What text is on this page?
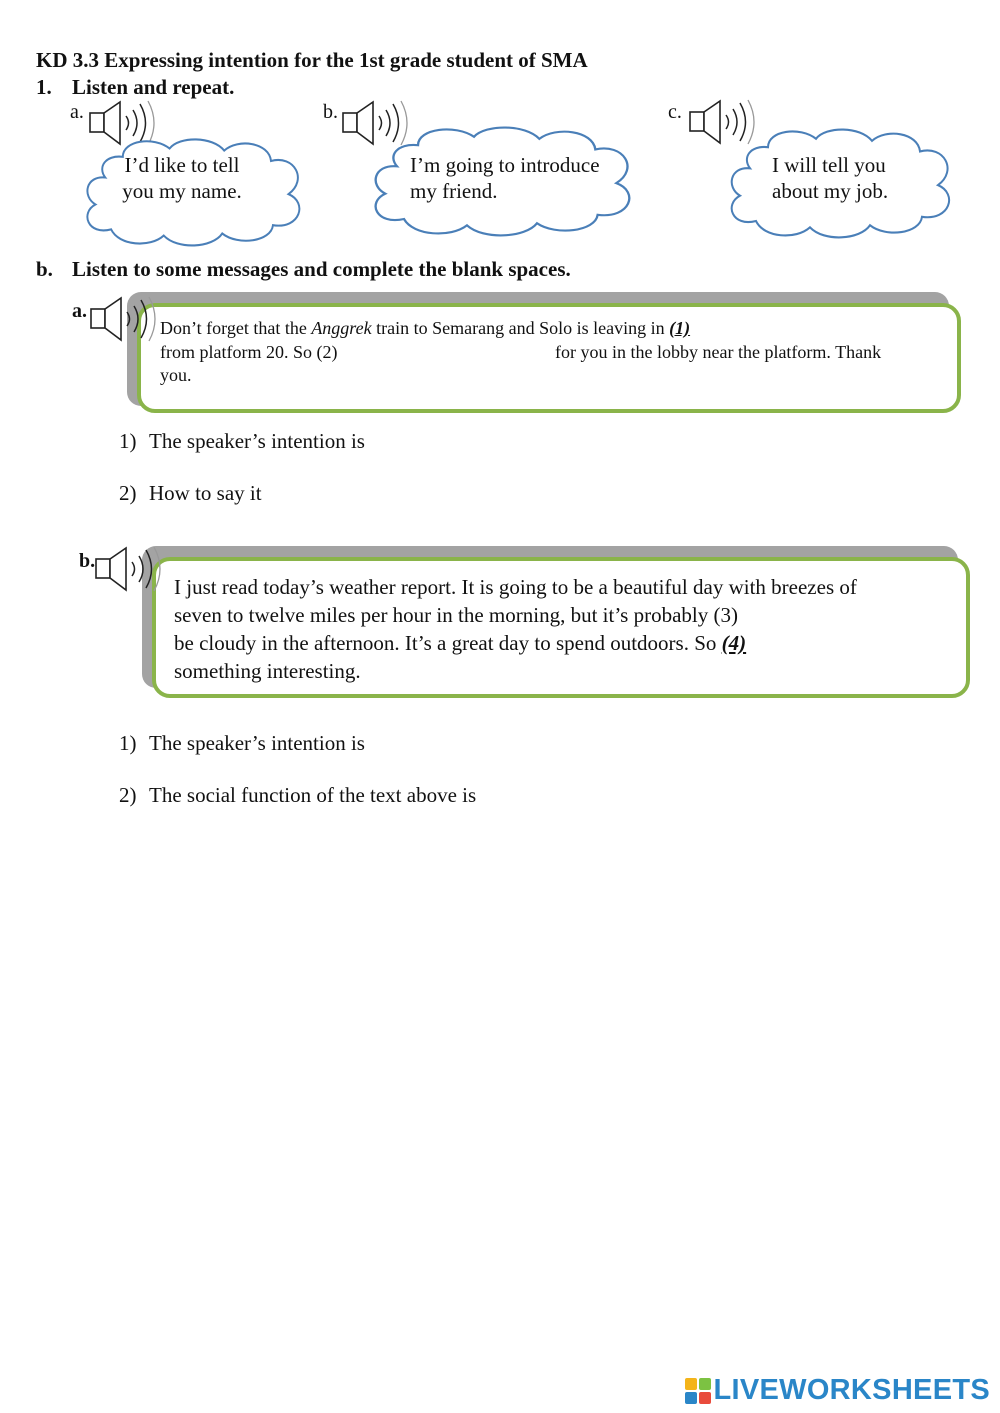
KD 3.3 Expressing intention for the 1st grade student of SMA
1. Listen and repeat.
a.
I’d like to tell
you my name.
b.
I’m going to introduce
my friend.
c.
I will tell you
about my job.
b. Listen to some messages and complete the blank spaces.
a.
Don’t forget that the Anggrek train to Semarang and Solo is leaving in (1)
from platform 20. So (2)	for you in the lobby near the platform. Thank
you.
1) The speaker’s intention is
2) How to say it
b.
I just read today’s weather report. It is going to be a beautiful day with breezes of
seven to twelve miles per hour in the morning, but it’s probably (3)
be cloudy in the afternoon. It’s a great day to spend outdoors. So (4)
something interesting.
1) The speaker’s intention is
2) The social function of the text above is
LIVEWORKSHEETS
